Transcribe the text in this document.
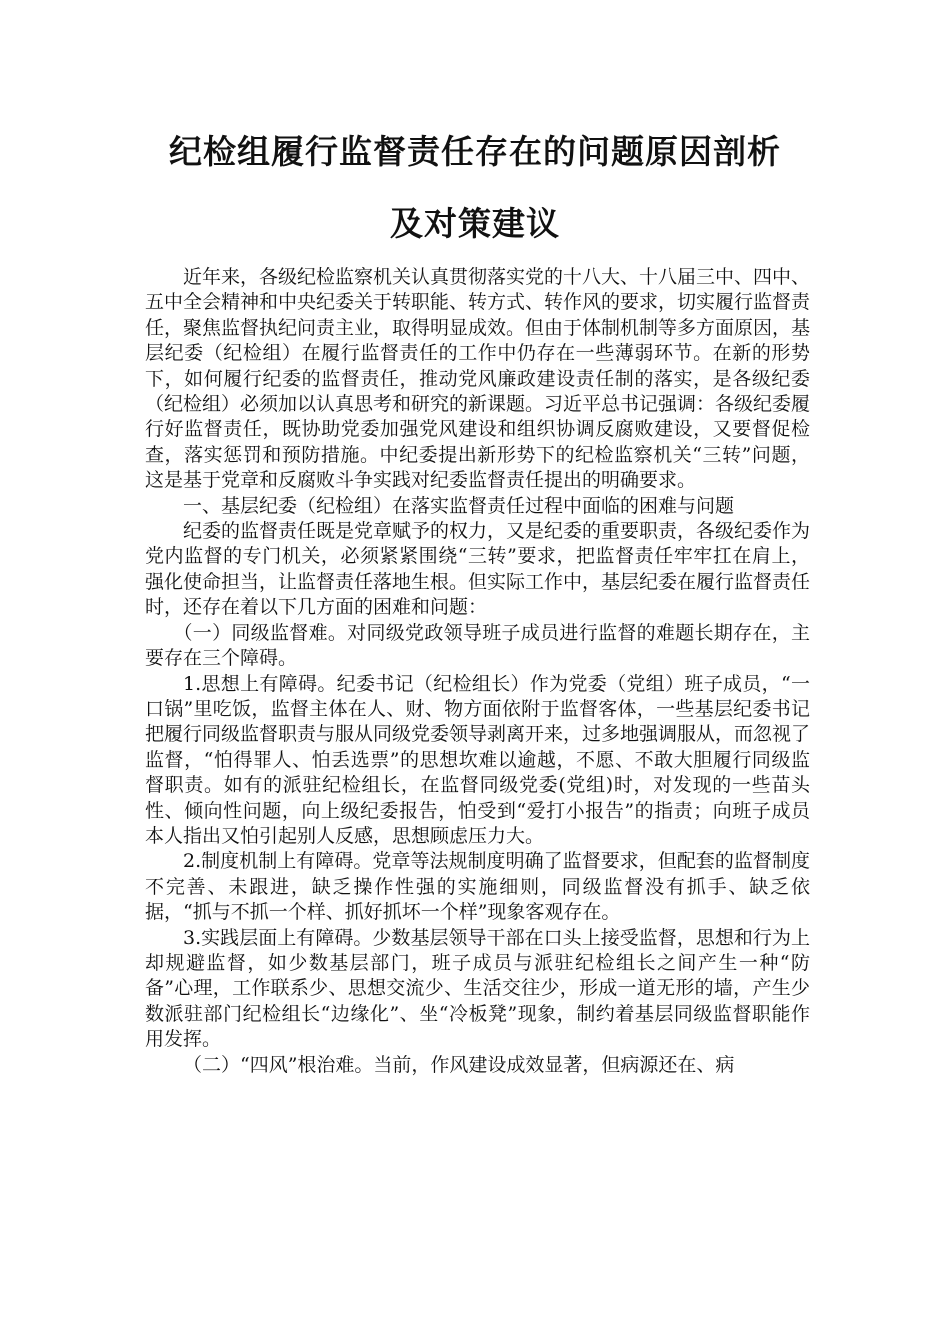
纪检组履行监督责任存在的问题原因剖析
及对策建议

近年来，各级纪检监察机关认真贯彻落实党的十八大、十八届三中、四中、五中全会精神和中央纪委关于转职能、转方式、转作风的要求，切实履行监督责任，聚焦监督执纪问责主业，取得明显成效。但由于体制机制等多方面原因，基层纪委（纪检组）在履行监督责任的工作中仍存在一些薄弱环节。在新的形势下，如何履行纪委的监督责任，推动党风廉政建设责任制的落实，是各级纪委（纪检组）必须加以认真思考和研究的新课题。习近平总书记强调：各级纪委履行好监督责任，既协助党委加强党风建设和组织协调反腐败建设，又要督促检查，落实惩罚和预防措施。中纪委提出新形势下的纪检监察机关“三转”问题，这是基于党章和反腐败斗争实践对纪委监督责任提出的明确要求。

一、基层纪委（纪检组）在落实监督责任过程中面临的困难与问题

纪委的监督责任既是党章赋予的权力，又是纪委的重要职责，各级纪委作为党内监督的专门机关，必须紧紧围绕“三转”要求，把监督责任牢牢扛在肩上，强化使命担当，让监督责任落地生根。但实际工作中，基层纪委在履行监督责任时，还存在着以下几方面的困难和问题：

（一）同级监督难。对同级党政领导班子成员进行监督的难题长期存在，主要存在三个障碍。

1.思想上有障碍。纪委书记（纪检组长）作为党委（党组）班子成员，“一口锅”里吃饭，监督主体在人、财、物方面依附于监督客体，一些基层纪委书记把履行同级监督职责与服从同级党委领导剥离开来，过多地强调服从，而忽视了监督，“怕得罪人、怕丢选票”的思想坎难以逾越，不愿、不敢大胆履行同级监督职责。如有的派驻纪检组长，在监督同级党委(党组)时，对发现的一些苗头性、倾向性问题，向上级纪委报告，怕受到“爱打小报告”的指责；向班子成员本人指出又怕引起别人反感，思想顾虑压力大。

2.制度机制上有障碍。党章等法规制度明确了监督要求，但配套的监督制度不完善、未跟进，缺乏操作性强的实施细则，同级监督没有抓手、缺乏依据，“抓与不抓一个样、抓好抓坏一个样”现象客观存在。

3.实践层面上有障碍。少数基层领导干部在口头上接受监督，思想和行为上却规避监督，如少数基层部门，班子成员与派驻纪检组长之间产生一种“防备”心理，工作联系少、思想交流少、生活交往少，形成一道无形的墙，产生少数派驻部门纪检组长“边缘化”、坐“冷板凳”现象，制约着基层同级监督职能作用发挥。

（二）“四风”根治难。当前，作风建设成效显著，但病源还在、病
